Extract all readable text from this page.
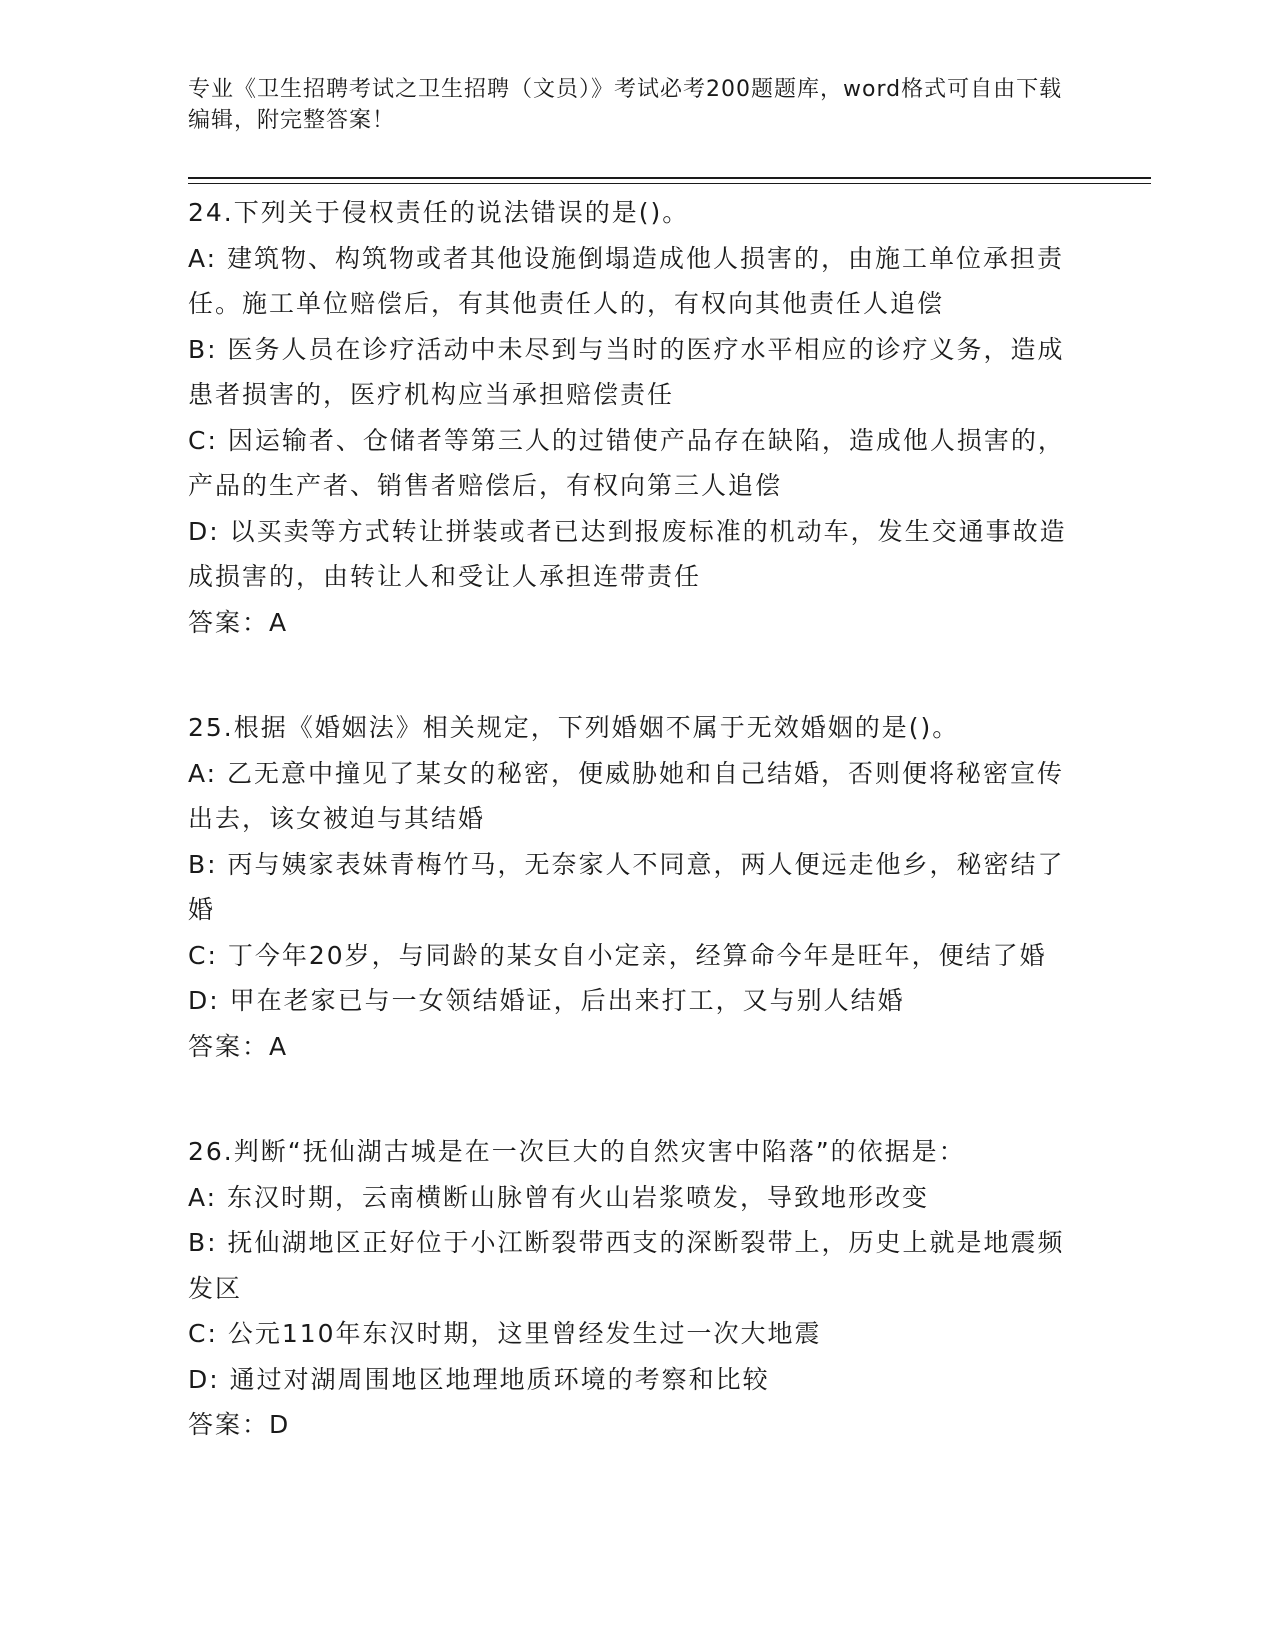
专业《卫生招聘考试之卫生招聘（文员）》考试必考200题题库，word格式可自由下载编辑，附完整答案！

24.下列关于侵权责任的说法错误的是()。

A: 建筑物、构筑物或者其他设施倒塌造成他人损害的，由施工单位承担责任。施工单位赔偿后，有其他责任人的，有权向其他责任人追偿

B: 医务人员在诊疗活动中未尽到与当时的医疗水平相应的诊疗义务，造成患者损害的，医疗机构应当承担赔偿责任

C: 因运输者、仓储者等第三人的过错使产品存在缺陷，造成他人损害的，产品的生产者、销售者赔偿后，有权向第三人追偿

D: 以买卖等方式转让拼装或者已达到报废标准的机动车，发生交通事故造成损害的，由转让人和受让人承担连带责任

答案：A

25.根据《婚姻法》相关规定，下列婚姻不属于无效婚姻的是()。

A: 乙无意中撞见了某女的秘密，便威胁她和自己结婚，否则便将秘密宣传出去，该女被迫与其结婚

B: 丙与姨家表妹青梅竹马，无奈家人不同意，两人便远走他乡，秘密结了婚

C: 丁今年20岁，与同龄的某女自小定亲，经算命今年是旺年，便结了婚

D: 甲在老家已与一女领结婚证，后出来打工，又与别人结婚

答案：A

26.判断“抚仙湖古城是在一次巨大的自然灾害中陷落”的依据是：

A: 东汉时期，云南横断山脉曾有火山岩浆喷发，导致地形改变

B: 抚仙湖地区正好位于小江断裂带西支的深断裂带上，历史上就是地震频发区

C: 公元110年东汉时期，这里曾经发生过一次大地震

D: 通过对湖周围地区地理地质环境的考察和比较

答案：D
